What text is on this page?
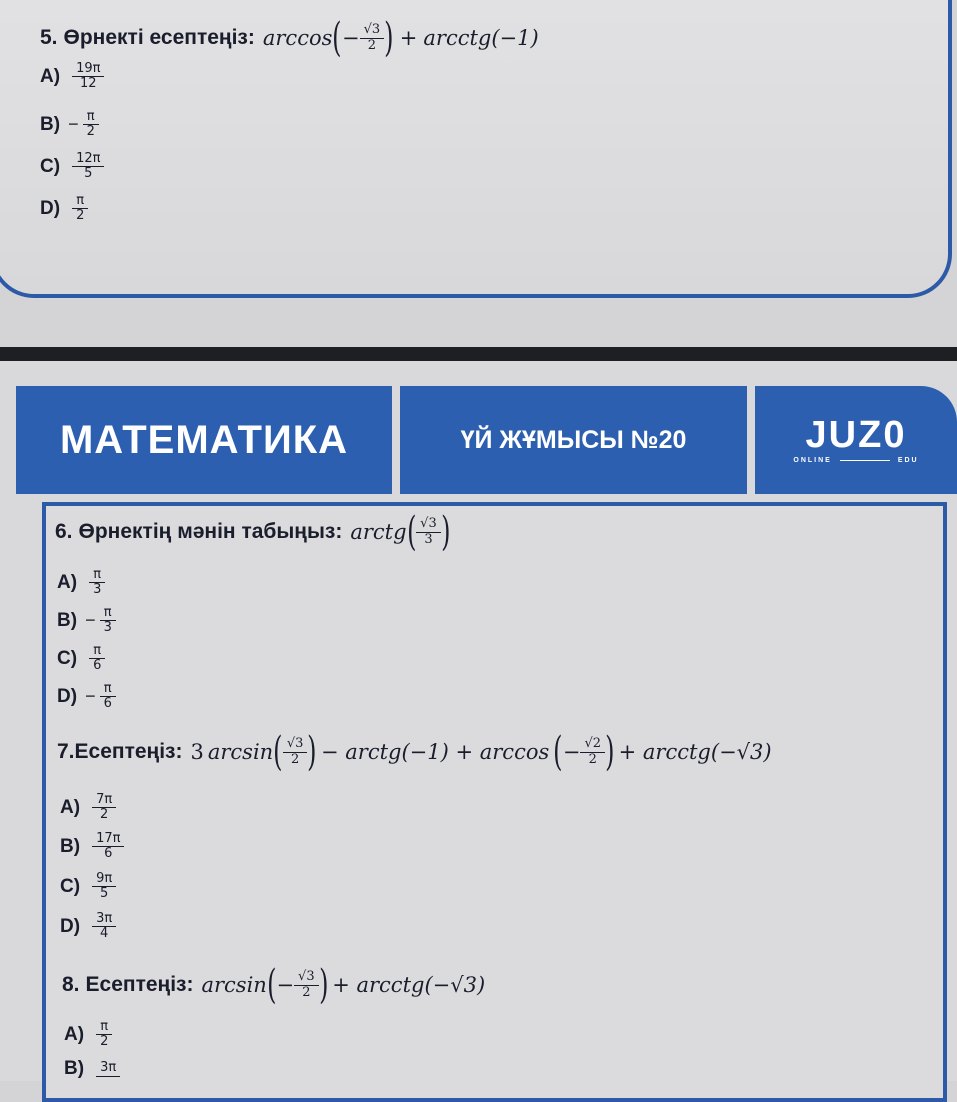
5. Өрнекті есептеңіз: arccos ( − $\frac{√3}{2}$ ) + arcctg(−1)
$A) \frac{19\pi}{12}$
$B) - \frac{\pi}{2}$
$C) \frac{12\pi}{5}$
$D) \frac{\pi}{2}$
МАТЕМАТИКА	ҮЙ ЖҰМЫСЫ №20	JUZ0
ONLINE	EDU
6. Өрнектің мәнін табыңыз: arctg ( $\frac{√3}{3}$ )
$A) \frac{\pi}{3}$
$B) - \frac{\pi}{3}$
$C) \frac{\pi}{6}$
$D) - \frac{\pi}{6}$
7. Есептеңіз: 3 arcsin ( $\frac{√3}{2}$ ) − arctg(−1) + arccos ( − $\frac{√2}{2}$ ) + arcctg(−√3)
$A) \frac{7\pi}{2}$
$B) \frac{17\pi}{6}$
$C) \frac{9\pi}{5}$
$D) \frac{3\pi}{4}$
8. Есептеңіз: arcsin ( − $\frac{√3}{2}$ ) + arcctg(−√3)
$A) \frac{\pi}{2}$
B) 3π
